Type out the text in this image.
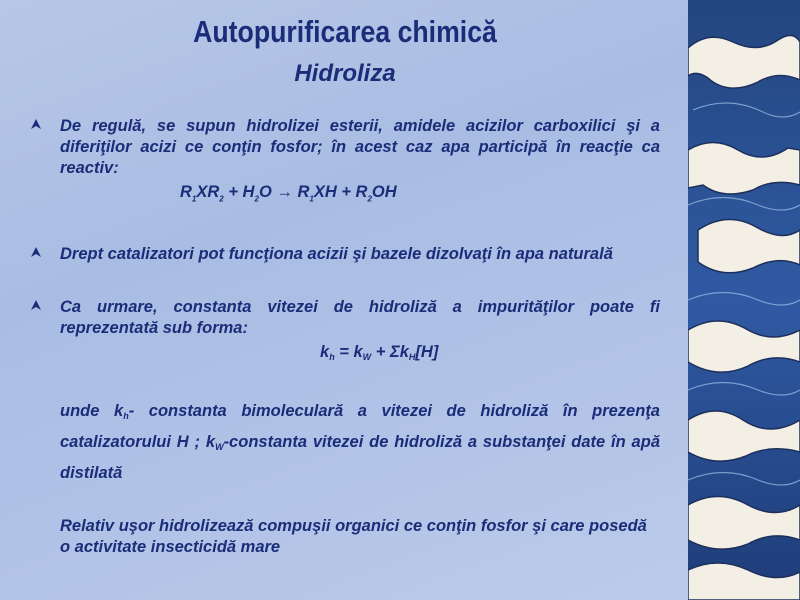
Autopurificarea chimică
Hidroliza
De regulă, se supun hidrolizei esterii, amidele acizilor carboxilici şi a diferiţilor acizi ce conţin fosfor; în acest caz apa participă în reacţie ca reactiv:
$R_1XR_2 + H_2O \to R_1XH + R_2OH$
Drept catalizatori pot funcţiona acizii şi bazele dizolvaţi în apa naturală
Ca urmare, constanta vitezei de hidroliză a impurităţilor poate fi reprezentată sub forma:
kh = kW + ΣkH[H]
unde kh- constanta bimoleculară a vitezei de hidroliză în prezenţa catalizatorului H ; kW-constanta vitezei de hidroliză a substanţei date în apă distilată
Relativ uşor hidrolizează compuşii organici ce conţin fosfor şi care posedă o activitate insecticidă mare
